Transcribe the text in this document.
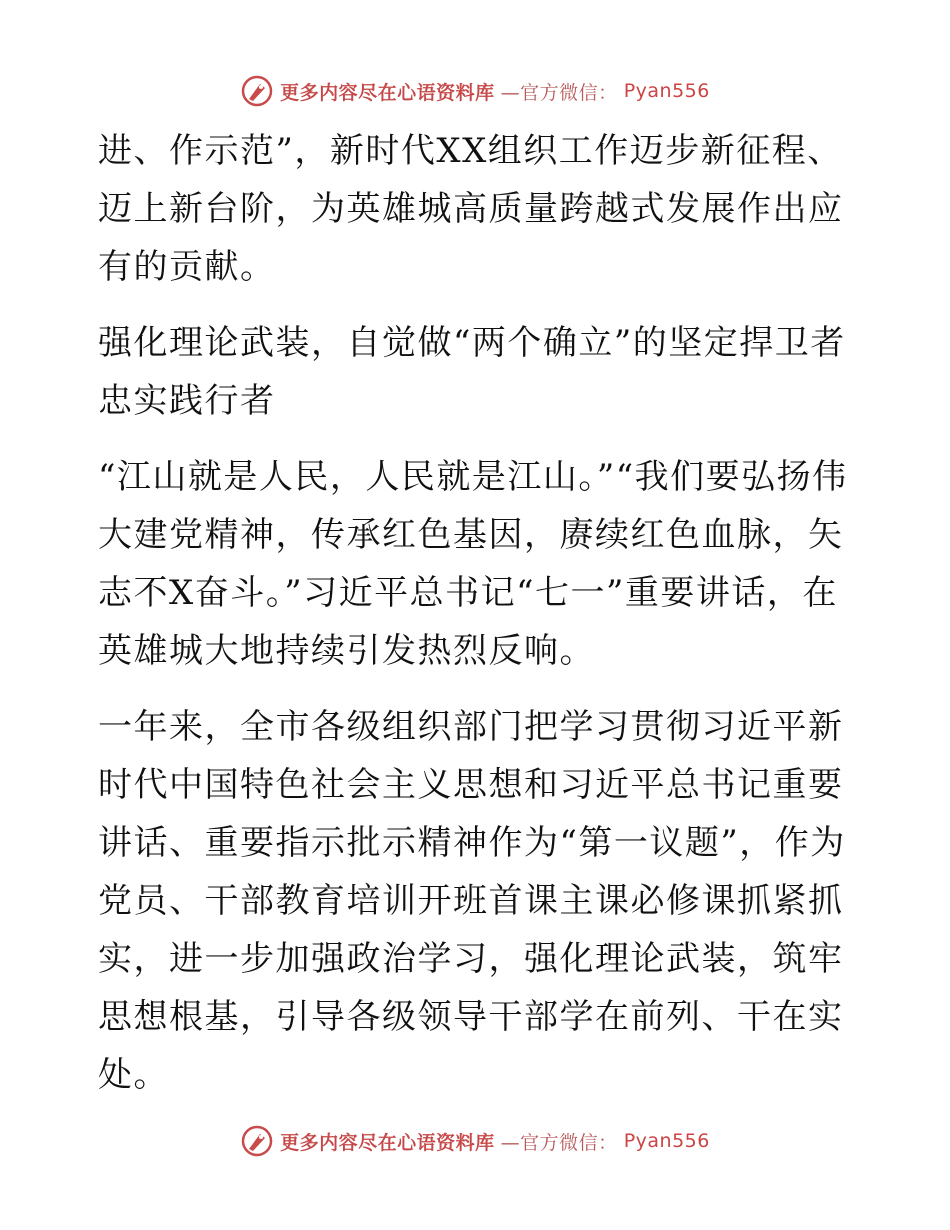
更多内容尽在心语资料库 —官方微信： Pyan556

进、作示范”，新时代XX组织工作迈步新征程、迈上新台阶，为英雄城高质量跨越式发展作出应有的贡献。

强化理论武装，自觉做“两个确立”的坚定捍卫者忠实践行者

“江山就是人民，人民就是江山。”“我们要弘扬伟大建党精神，传承红色基因，赓续红色血脉，矢志不X奋斗。”习近平总书记“七一”重要讲话，在英雄城大地持续引发热烈反响。

一年来，全市各级组织部门把学习贯彻习近平新时代中国特色社会主义思想和习近平总书记重要讲话、重要指示批示精神作为“第一议题”，作为党员、干部教育培训开班首课主课必修课抓紧抓实，进一步加强政治学习，强化理论武装，筑牢思想根基，引导各级领导干部学在前列、干在实处。

更多内容尽在心语资料库 —官方微信： Pyan556
